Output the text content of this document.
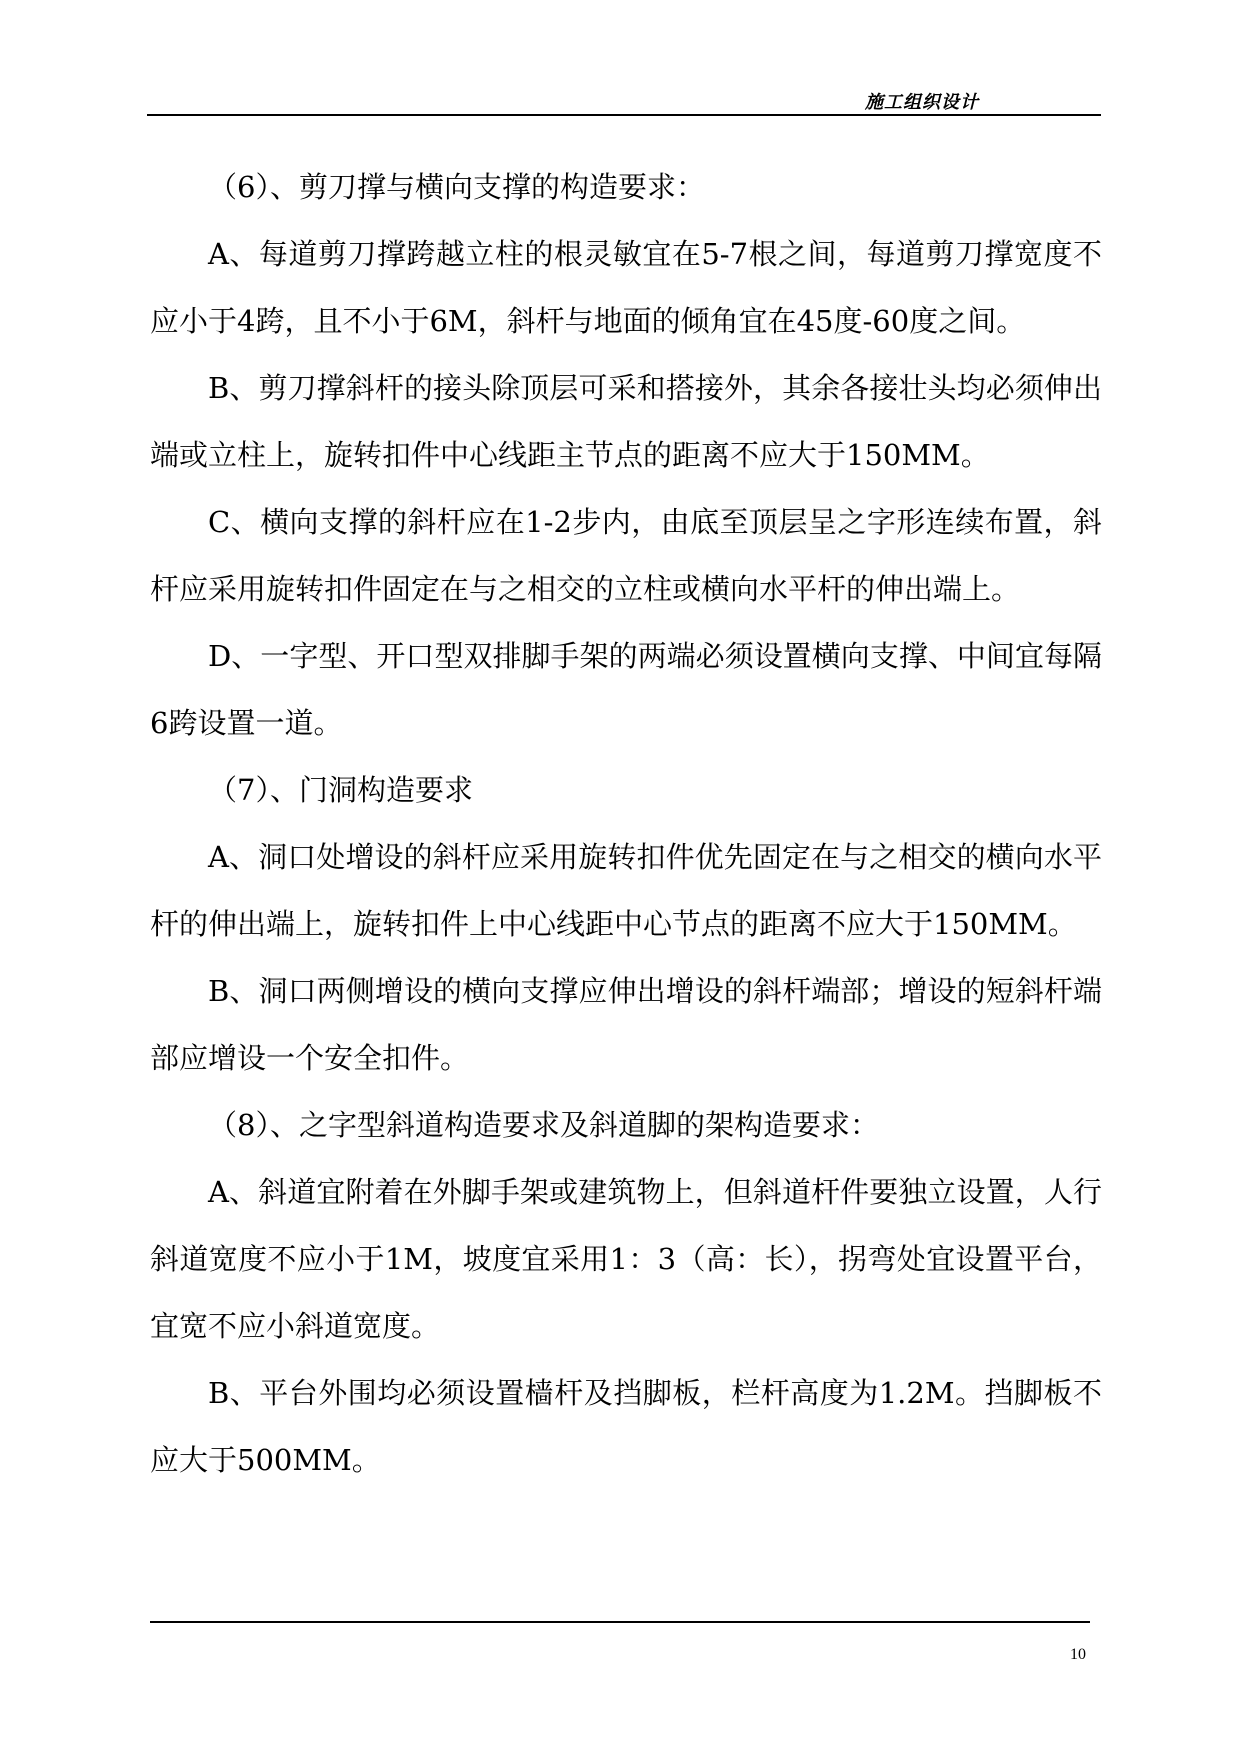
施工组织设计

（6）、剪刀撑与横向支撑的构造要求：

A、每道剪刀撑跨越立柱的根灵敏宜在5-7根之间，每道剪刀撑宽度不应小于4跨，且不小于6M，斜杆与地面的倾角宜在45度-60度之间。

B、剪刀撑斜杆的接头除顶层可采和搭接外，其余各接壮头均必须伸出端或立柱上，旋转扣件中心线距主节点的距离不应大于150MM。

C、横向支撑的斜杆应在1-2步内，由底至顶层呈之字形连续布置，斜杆应采用旋转扣件固定在与之相交的立柱或横向水平杆的伸出端上。

D、一字型、开口型双排脚手架的两端必须设置横向支撑、中间宜每隔6跨设置一道。

（7）、门洞构造要求

A、洞口处增设的斜杆应采用旋转扣件优先固定在与之相交的横向水平杆的伸出端上，旋转扣件上中心线距中心节点的距离不应大于150MM。

B、洞口两侧增设的横向支撑应伸出增设的斜杆端部；增设的短斜杆端部应增设一个安全扣件。

（8）、之字型斜道构造要求及斜道脚的架构造要求：

A、斜道宜附着在外脚手架或建筑物上，但斜道杆件要独立设置，人行斜道宽度不应小于1M，坡度宜采用1：3（高：长），拐弯处宜设置平台，宜宽不应小斜道宽度。

B、平台外围均必须设置樯杆及挡脚板，栏杆高度为1.2M。挡脚板不应大于500MM。

10
